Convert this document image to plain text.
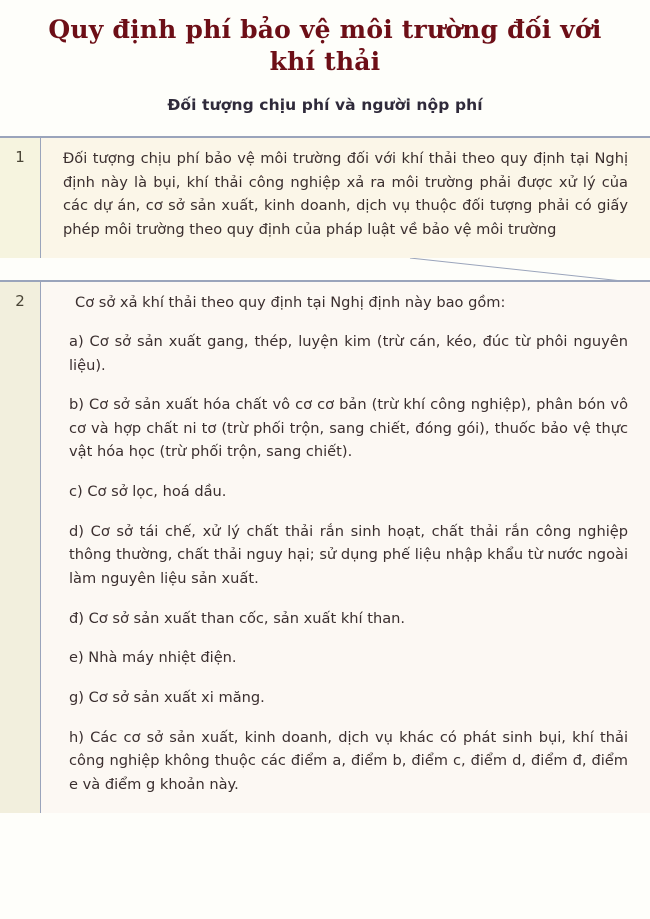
Quy định phí bảo vệ môi trường đối với khí thải
Đối tượng chịu phí và người nộp phí
1	Đối tượng chịu phí bảo vệ môi trường đối với khí thải theo quy định tại Nghị định này là bụi, khí thải công nghiệp xả ra môi trường phải được xử lý của các dự án, cơ sở sản xuất, kinh doanh, dịch vụ thuộc đối tượng phải có giấy phép môi trường theo quy định của pháp luật về bảo vệ môi trường

2	Cơ sở xả khí thải theo quy định tại Nghị định này bao gồm:

a) Cơ sở sản xuất gang, thép, luyện kim (trừ cán, kéo, đúc từ phôi nguyên liệu).

b) Cơ sở sản xuất hóa chất vô cơ cơ bản (trừ khí công nghiệp), phân bón vô cơ và hợp chất ni tơ (trừ phối trộn, sang chiết, đóng gói), thuốc bảo vệ thực vật hóa học (trừ phối trộn, sang chiết).

c) Cơ sở lọc, hoá dầu.

d) Cơ sở tái chế, xử lý chất thải rắn sinh hoạt, chất thải rắn công nghiệp thông thường, chất thải nguy hại; sử dụng phế liệu nhập khẩu từ nước ngoài làm nguyên liệu sản xuất.

đ) Cơ sở sản xuất than cốc, sản xuất khí than.

e) Nhà máy nhiệt điện.

g) Cơ sở sản xuất xi măng.

h) Các cơ sở sản xuất, kinh doanh, dịch vụ khác có phát sinh bụi, khí thải công nghiệp không thuộc các điểm a, điểm b, điểm c, điểm d, điểm đ, điểm e và điểm g khoản này.
